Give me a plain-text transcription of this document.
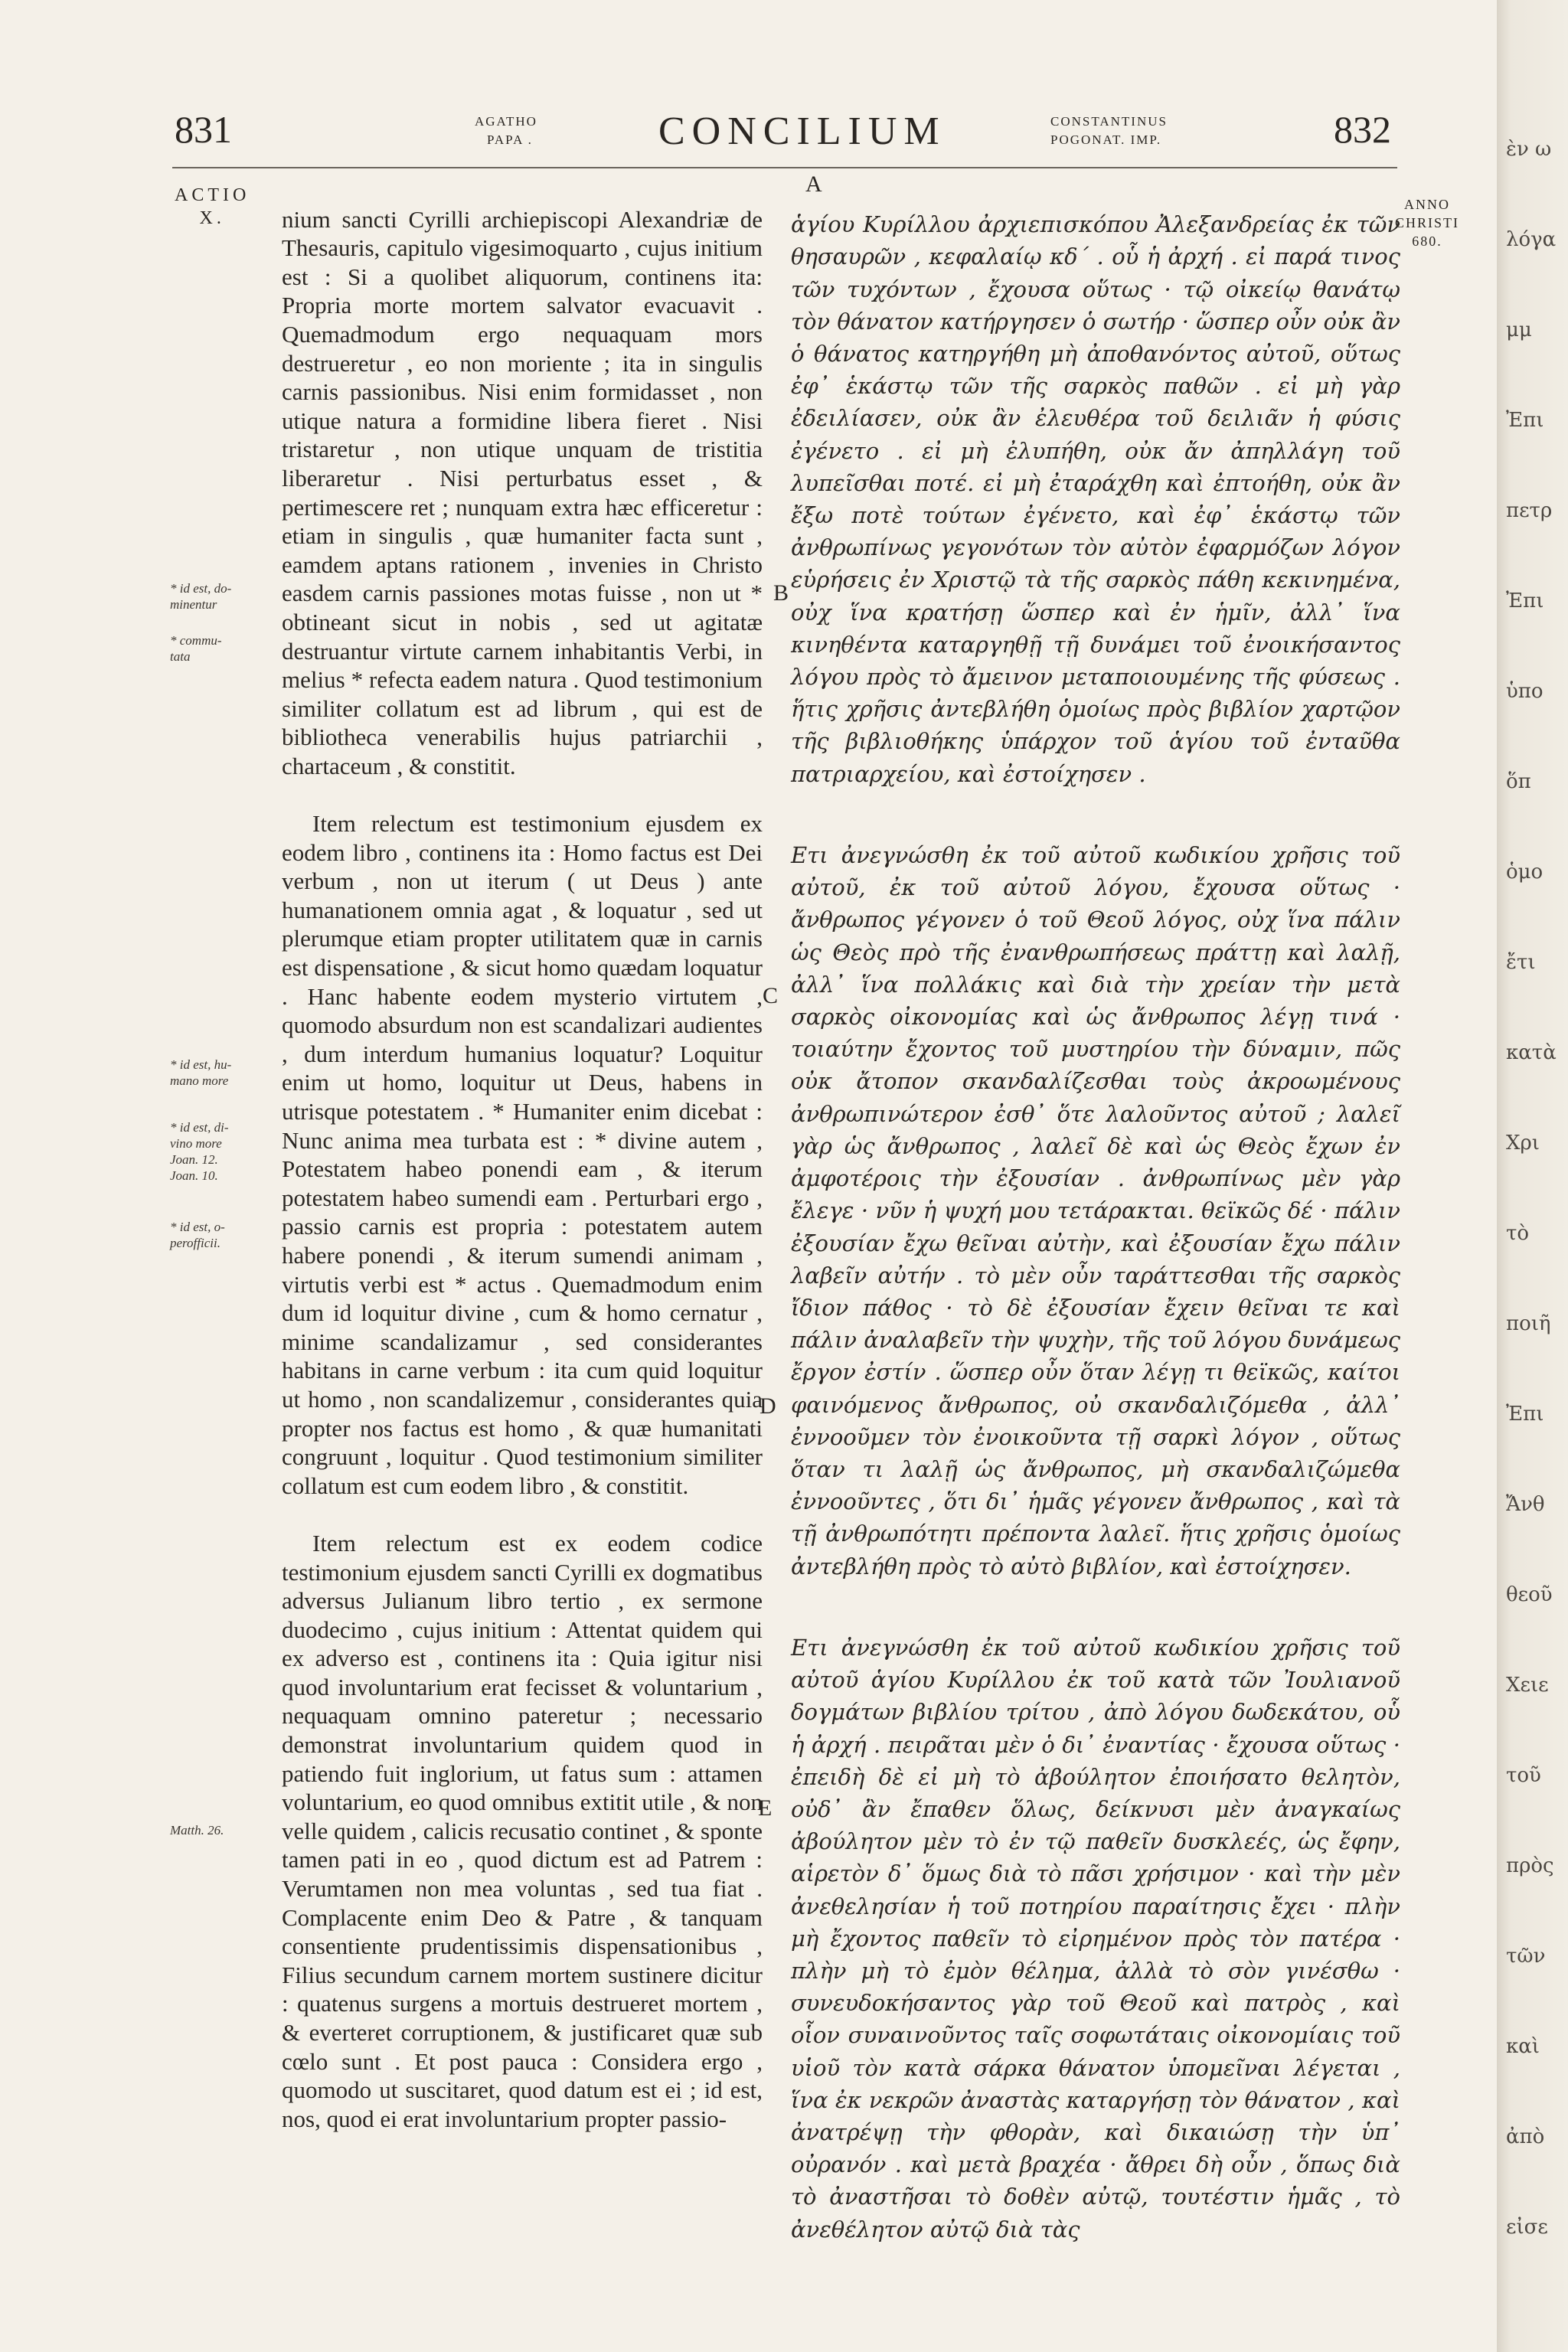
831	AGATHO
PAPA .	CONCILIUM	CONSTANTINUS
POGONAT. IMP.	832
ACTIO
X.
ANNO
CHRISTI
680.
* id est, do-
minentur
* commu-
tata
* id est, hu-
mano more
* id est, di-
vino more
Joan. 12.
Joan. 10.
* id est, o-
perofficii.
Matth. 26.
A
B
C
D
E

nium sancti Cyrilli archiepiscopi Alexandriæ de Thesauris, capitulo vigesimoquarto , cujus initium est : Si a quolibet aliquorum, continens ita: Propria morte mortem salvator evacuavit . Quemadmodum ergo nequaquam mors destrueretur , eo non moriente ; ita in singulis carnis passionibus. Nisi enim formidasset , non utique natura a formidine libera fieret . Nisi tristaretur , non utique unquam de tristitia liberaretur . Nisi perturbatus esset , & pertimescere ret ; nunquam extra hæc efficeretur : etiam in singulis , quæ humaniter facta sunt , eamdem aptans rationem , invenies in Christo easdem carnis passiones motas fuisse , non ut * obtineant sicut in nobis , sed ut agitatæ destruantur virtute carnem inhabitantis Verbi, in melius * refecta eadem natura . Quod testimonium similiter collatum est ad librum , qui est de bibliotheca venerabilis hujus patriarchii , chartaceum , & constitit.

Item relectum est testimonium ejusdem ex eodem libro , continens ita : Homo factus est Dei verbum , non ut iterum ( ut Deus ) ante humanationem omnia agat , & loquatur , sed ut plerumque etiam propter utilitatem quæ in carnis est dispensatione , & sicut homo quædam loquatur . Hanc habente eodem mysterio virtutem , quomodo absurdum non est scandalizari audientes , dum interdum humanius loquatur? Loquitur enim ut homo, loquitur ut Deus, habens in utrisque potestatem . * Humaniter enim dicebat : Nunc anima mea turbata est : * divine autem , Potestatem habeo ponendi eam , & iterum potestatem habeo sumendi eam . Perturbari ergo , passio carnis est propria : potestatem autem habere ponendi , & iterum sumendi animam , virtutis verbi est * actus . Quemadmodum enim dum id loquitur divine , cum & homo cernatur , minime scandalizamur , sed considerantes habitans in carne verbum : ita cum quid loquitur ut homo , non scandalizemur , considerantes quia propter nos factus est homo , & quæ humanitati congruunt , loquitur . Quod testimonium similiter collatum est cum eodem libro , & constitit.

Item relectum est ex eodem codice testimonium ejusdem sancti Cyrilli ex dogmatibus adversus Julianum libro tertio , ex sermone duodecimo , cujus initium : Attentat quidem qui ex adverso est , continens ita : Quia igitur nisi quod involuntarium erat fecisset & voluntarium , nequaquam omnino pateretur ; necessario demonstrat involuntarium quidem quod in patiendo fuit inglorium, ut fatus sum : attamen voluntarium, eo quod omnibus extitit utile , & non velle quidem , calicis recusatio continet , & sponte tamen pati in eo , quod dictum est ad Patrem : Verumtamen non mea voluntas , sed tua fiat . Complacente enim Deo & Patre , & tanquam consentiente prudentissimis dispensationibus , Filius secundum carnem mortem sustinere dicitur : quatenus surgens a mortuis destrueret mortem , & everteret corruptionem, & justificaret quæ sub cœlo sunt . Et post pauca : Considera ergo , quomodo ut suscitaret, quod datum est ei ; id est, nos, quod ei erat involuntarium propter passio-

ἁγίου Κυρίλλου ἀρχιεπισκόπου Ἀλεξανδρείας ἐκ τῶν θησαυρῶν , κεφαλαίῳ κδ΄ . οὗ ἡ ἀρχή . εἰ παρά τινος τῶν τυχόντων , ἔχουσα οὕτως · τῷ οἰκείῳ θανάτῳ τὸν θάνατον κατήργησεν ὁ σωτήρ · ὥσπερ οὖν οὐκ ἂν ὁ θάνατος κατηργήθη μὴ ἀποθανόντος αὐτοῦ, οὕτως ἐφ᾽ ἑκάστῳ τῶν τῆς σαρκὸς παθῶν . εἰ μὴ γὰρ ἐδειλίασεν, οὐκ ἂν ἐλευθέρα τοῦ δειλιᾶν ἡ φύσις ἐγένετο . εἰ μὴ ἐλυπήθη, οὐκ ἄν ἀπηλλάγη τοῦ λυπεῖσθαι ποτέ. εἰ μὴ ἐταράχθη καὶ ἐπτοήθη, οὐκ ἂν ἔξω ποτὲ τούτων ἐγένετο, καὶ ἐφ᾽ ἑκάστῳ τῶν ἀνθρωπίνως γεγονότων τὸν αὐτὸν ἐφαρμόζων λόγον εὑρήσεις ἐν Χριστῷ τὰ τῆς σαρκὸς πάθη κεκινημένα, οὐχ ἵνα κρατήσῃ ὥσπερ καὶ ἐν ἡμῖν, ἀλλ᾽ ἵνα κινηθέντα καταργηθῇ τῇ δυνάμει τοῦ ἐνοικήσαντος λόγου πρὸς τὸ ἄμεινον μεταποιουμένης τῆς φύσεως . ἥτις χρῆσις ἀντεβλήθη ὁμοίως πρὸς βιβλίον χαρτῷον τῆς βιβλιοθήκης ὑπάρχον τοῦ ἁγίου τοῦ ἐνταῦθα πατριαρχείου, καὶ ἐστοίχησεν .

Ετι ἀνεγνώσθη ἐκ τοῦ αὐτοῦ κωδικίου χρῆσις τοῦ αὐτοῦ, ἐκ τοῦ αὐτοῦ λόγου, ἔχουσα οὕτως · ἄνθρωπος γέγονεν ὁ τοῦ Θεοῦ λόγος, οὐχ ἵνα πάλιν ὡς Θεὸς πρὸ τῆς ἐνανθρωπήσεως πράττῃ καὶ λαλῇ, ἀλλ᾽ ἵνα πολλάκις καὶ διὰ τὴν χρείαν τὴν μετὰ σαρκὸς οἰκονομίας καὶ ὡς ἄνθρωπος λέγῃ τινά · τοιαύτην ἔχοντος τοῦ μυστηρίου τὴν δύναμιν, πῶς οὐκ ἄτοπον σκανδαλίζεσθαι τοὺς ἀκροωμένους ἀνθρωπινώτερον ἐσθ᾽ ὅτε λαλοῦντος αὐτοῦ ; λαλεῖ γὰρ ὡς ἄνθρωπος , λαλεῖ δὲ καὶ ὡς Θεὸς ἔχων ἐν ἀμφοτέροις τὴν ἐξουσίαν . ἀνθρωπίνως μὲν γὰρ ἔλεγε · νῦν ἡ ψυχή μου τετάρακται. θεϊκῶς δέ · πάλιν ἐξουσίαν ἔχω θεῖναι αὐτὴν, καὶ ἐξουσίαν ἔχω πάλιν λαβεῖν αὐτήν . τὸ μὲν οὖν ταράττεσθαι τῆς σαρκὸς ἴδιον πάθος · τὸ δὲ ἐξουσίαν ἔχειν θεῖναι τε καὶ πάλιν ἀναλαβεῖν τὴν ψυχὴν, τῆς τοῦ λόγου δυνάμεως ἔργον ἐστίν . ὥσπερ οὖν ὅταν λέγῃ τι θεϊκῶς, καίτοι φαινόμενος ἄνθρωπος, οὐ σκανδαλιζόμεθα , ἀλλ᾽ ἐννοοῦμεν τὸν ἐνοικοῦντα τῇ σαρκὶ λόγον , οὕτως ὅταν τι λαλῇ ὡς ἄνθρωπος, μὴ σκανδαλιζώμεθα ἐννοοῦντες , ὅτι δι᾽ ἡμᾶς γέγονεν ἄνθρωπος , καὶ τὰ τῇ ἀνθρωπότητι πρέποντα λαλεῖ. ἥτις χρῆσις ὁμοίως ἀντεβλήθη πρὸς τὸ αὐτὸ βιβλίον, καὶ ἐστοίχησεν.

Ετι ἀνεγνώσθη ἐκ τοῦ αὐτοῦ κωδικίου χρῆσις τοῦ αὐτοῦ ἁγίου Κυρίλλου ἐκ τοῦ κατὰ τῶν Ἰουλιανοῦ δογμάτων βιβλίου τρίτου , ἀπὸ λόγου δωδεκάτου, οὗ ἡ ἀρχή . πειρᾶται μὲν ὁ δι᾽ ἐναντίας · ἔχουσα οὕτως · ἐπειδὴ δὲ εἰ μὴ τὸ ἀβούλητον ἐποιήσατο θελητὸν, οὐδ᾽ ἂν ἔπαθεν ὅλως, δείκνυσι μὲν ἀναγκαίως ἀβούλητον μὲν τὸ ἐν τῷ παθεῖν δυσκλεές, ὡς ἔφην, αἱρετὸν δ᾽ ὅμως διὰ τὸ πᾶσι χρήσιμον · καὶ τὴν μὲν ἀνεθελησίαν ἡ τοῦ ποτηρίου παραίτησις ἔχει · πλὴν μὴ ἔχοντος παθεῖν τὸ εἰρημένον πρὸς τὸν πατέρα · πλὴν μὴ τὸ ἐμὸν θέλημα, ἀλλὰ τὸ σὸν γινέσθω · συνευδοκήσαντος γὰρ τοῦ Θεοῦ καὶ πατρὸς , καὶ οἷον συναινοῦντος ταῖς σοφωτάταις οἰκονομίαις τοῦ υἱοῦ τὸν κατὰ σάρκα θάνατον ὑπομεῖναι λέγεται , ἵνα ἐκ νεκρῶν ἀναστὰς καταργήσῃ τὸν θάνατον , καὶ ἀνατρέψῃ τὴν φθορὰν, καὶ δικαιώσῃ τὴν ὑπ᾽ οὐρανόν . καὶ μετὰ βραχέα · ἄθρει δὴ οὖν , ὅπως διὰ τὸ ἀναστῆσαι τὸ δοθὲν αὐτῷ, τουτέστιν ἡμᾶς , τὸ ἀνεθέλητον αὐτῷ διὰ τὰς

ὲν ω
λόγα
μμ
Ἐπι
πετρ
Ἐπι
ὑπο
ὅπ
ὁμο
ἔτι
κατὰ
Χρι
τὸ
ποιῆ
Ἐπι
Ἄνθ
θεοῦ
Χειε
τοῦ
πρὸς
τῶν
καὶ
ἀπὸ
εἰσε
